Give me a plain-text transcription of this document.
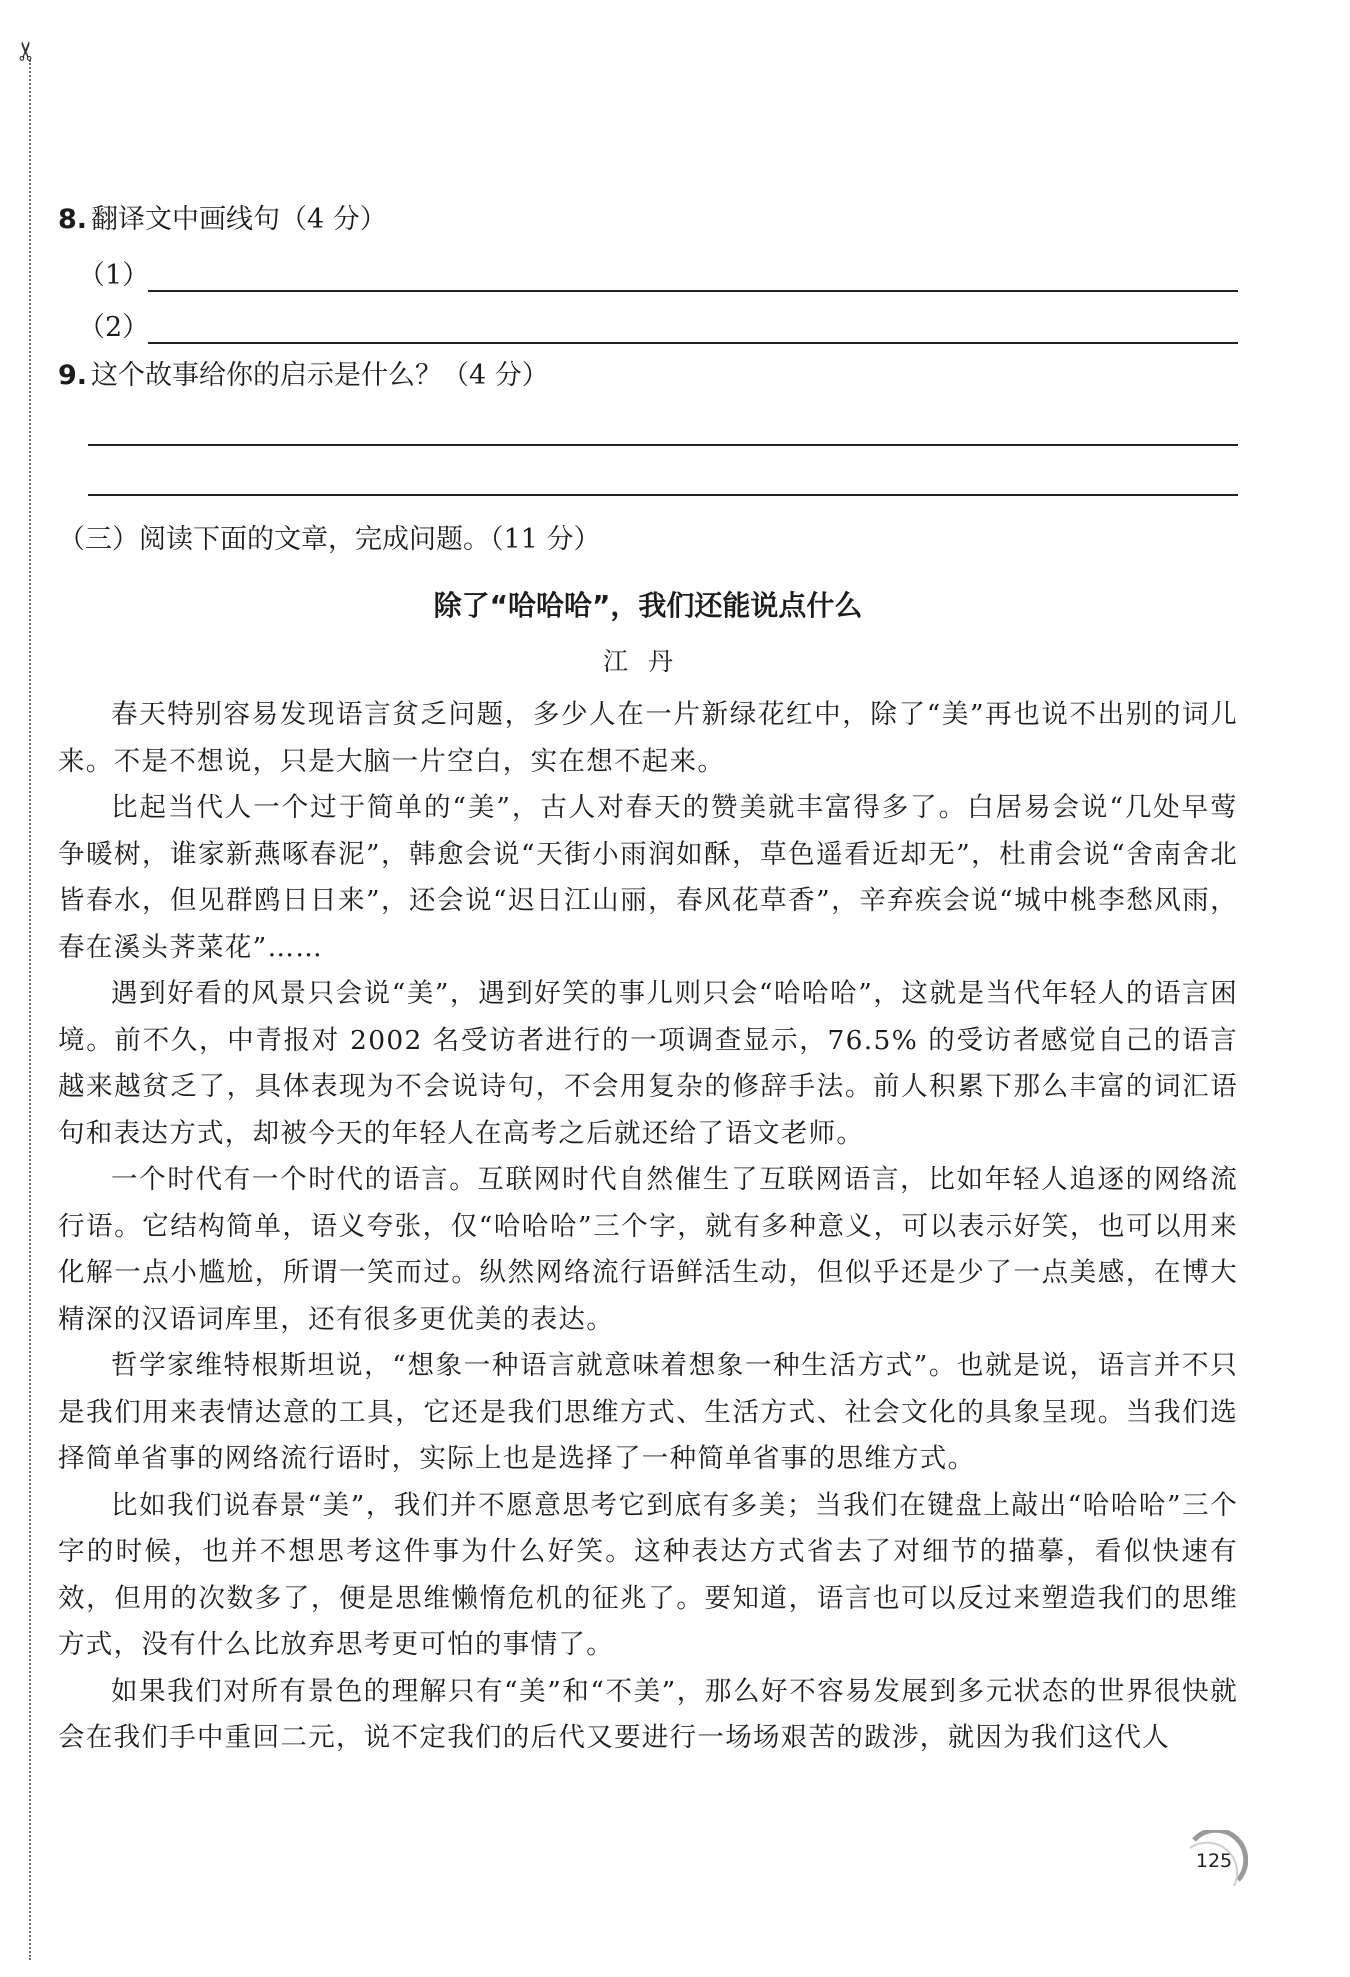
✂
8. 翻译文中画线句（4 分）
（1）
（2）
9. 这个故事给你的启示是什么？（4 分）
（三）阅读下面的文章，完成问题。（11 分）
除了“哈哈哈”，我们还能说点什么
江丹

春天特别容易发现语言贫乏问题，多少人在一片新绿花红中，除了“美”再也说不出别的词儿来。不是不想说，只是大脑一片空白，实在想不起来。

比起当代人一个过于简单的“美”，古人对春天的赞美就丰富得多了。白居易会说“几处早莺争暖树，谁家新燕啄春泥”，韩愈会说“天街小雨润如酥，草色遥看近却无”，杜甫会说“舍南舍北皆春水，但见群鸥日日来”，还会说“迟日江山丽，春风花草香”，辛弃疾会说“城中桃李愁风雨，春在溪头荠菜花”……

遇到好看的风景只会说“美”，遇到好笑的事儿则只会“哈哈哈”，这就是当代年轻人的语言困境。前不久，中青报对 2002 名受访者进行的一项调查显示，76.5% 的受访者感觉自己的语言越来越贫乏了，具体表现为不会说诗句，不会用复杂的修辞手法。前人积累下那么丰富的词汇语句和表达方式，却被今天的年轻人在高考之后就还给了语文老师。

一个时代有一个时代的语言。互联网时代自然催生了互联网语言，比如年轻人追逐的网络流行语。它结构简单，语义夸张，仅“哈哈哈”三个字，就有多种意义，可以表示好笑，也可以用来化解一点小尴尬，所谓一笑而过。纵然网络流行语鲜活生动，但似乎还是少了一点美感，在博大精深的汉语词库里，还有很多更优美的表达。

哲学家维特根斯坦说，“想象一种语言就意味着想象一种生活方式”。也就是说，语言并不只是我们用来表情达意的工具，它还是我们思维方式、生活方式、社会文化的具象呈现。当我们选择简单省事的网络流行语时，实际上也是选择了一种简单省事的思维方式。

比如我们说春景“美”，我们并不愿意思考它到底有多美；当我们在键盘上敲出“哈哈哈”三个字的时候，也并不想思考这件事为什么好笑。这种表达方式省去了对细节的描摹，看似快速有效，但用的次数多了，便是思维懒惰危机的征兆了。要知道，语言也可以反过来塑造我们的思维方式，没有什么比放弃思考更可怕的事情了。

如果我们对所有景色的理解只有“美”和“不美”，那么好不容易发展到多元状态的世界很快就会在我们手中重回二元，说不定我们的后代又要进行一场场艰苦的跋涉，就因为我们这代人

125
